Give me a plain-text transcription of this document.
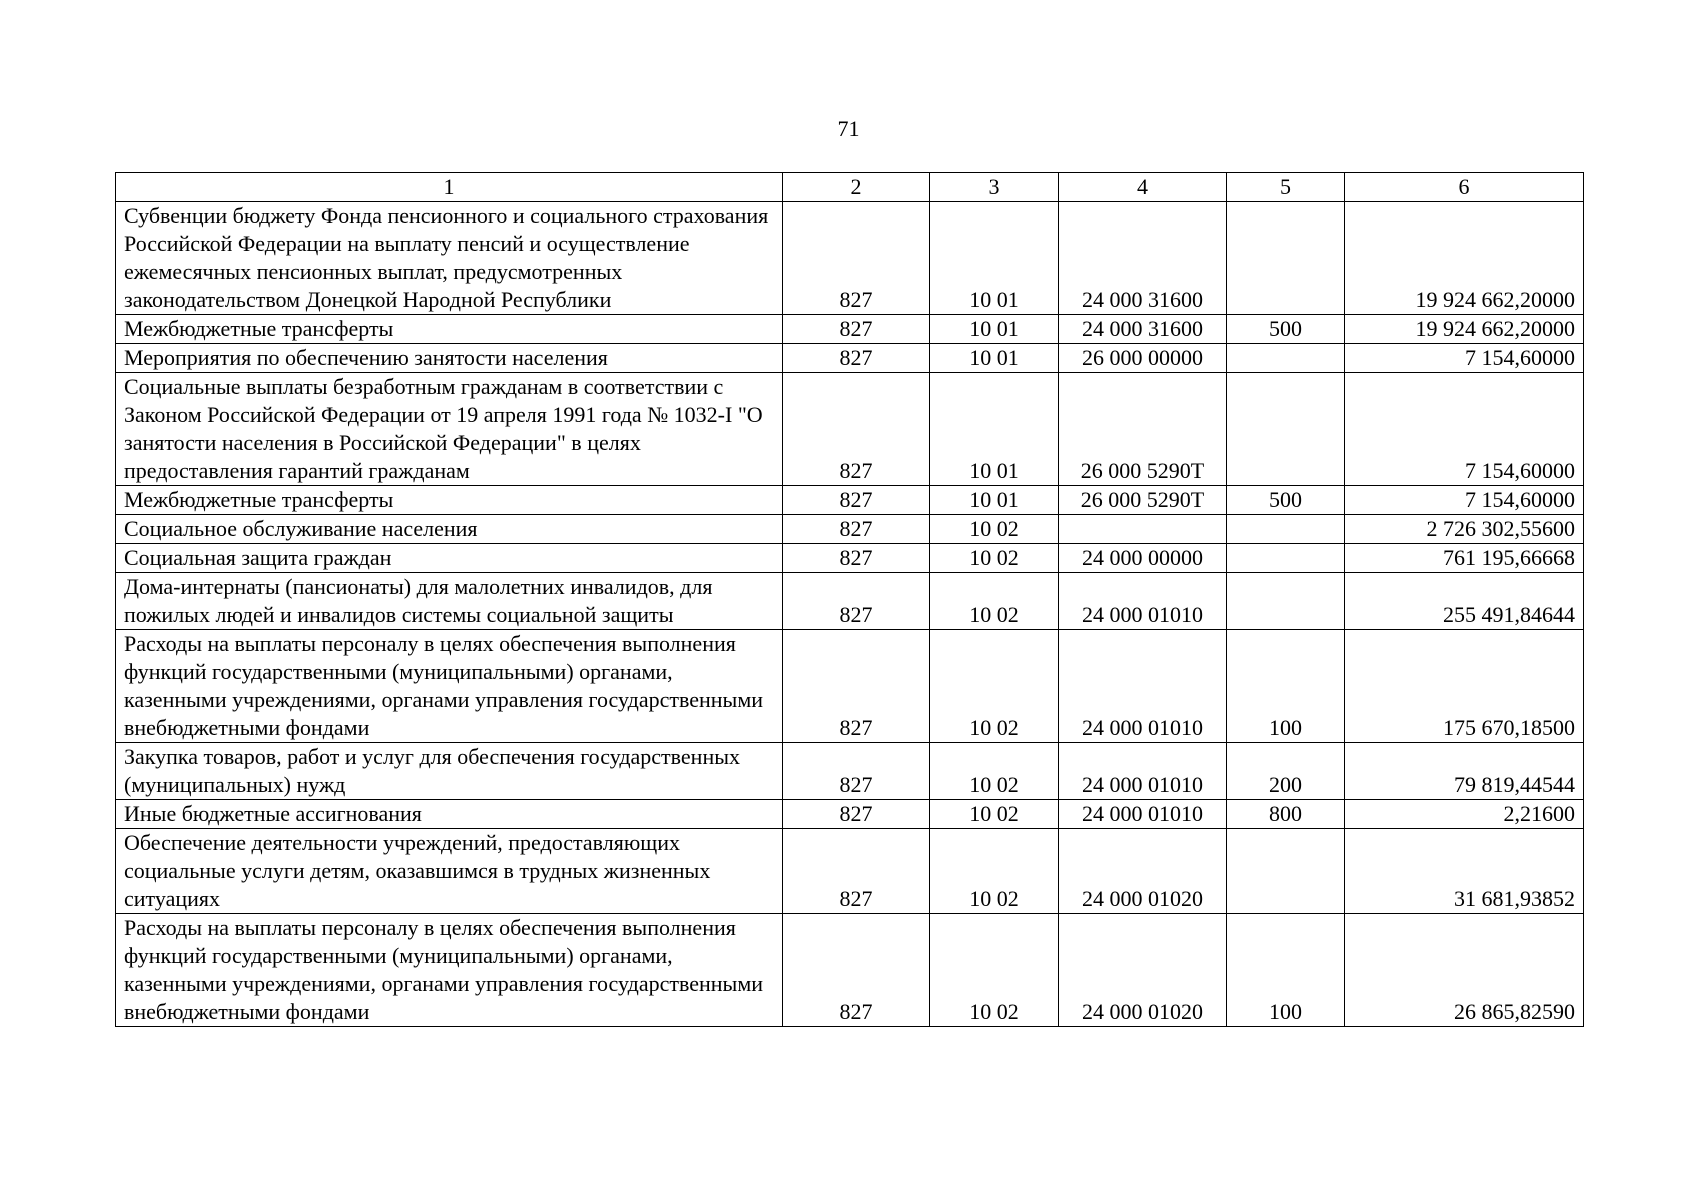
71
1	2	3	4	5	6
Субвенции бюджету Фонда пенсионного и социального страхования Российской Федерации на выплату пенсий и осуществление ежемесячных пенсионных выплат, предусмотренных законодательством Донецкой Народной Республики	827	10 01	24 000 31600		19 924 662,20000
Межбюджетные трансферты	827	10 01	24 000 31600	500	19 924 662,20000
Мероприятия по обеспечению занятости населения	827	10 01	26 000 00000		7 154,60000
Социальные выплаты безработным гражданам в соответствии с Законом Российской Федерации от 19 апреля 1991 года № 1032-I "О занятости населения в Российской Федерации" в целях предоставления гарантий гражданам	827	10 01	26 000 5290Т		7 154,60000
Межбюджетные трансферты	827	10 01	26 000 5290Т	500	7 154,60000
Социальное обслуживание населения	827	10 02			2 726 302,55600
Социальная защита граждан	827	10 02	24 000 00000		761 195,66668
Дома-интернаты (пансионаты) для малолетних инвалидов, для пожилых людей и инвалидов системы социальной защиты	827	10 02	24 000 01010		255 491,84644
Расходы на выплаты персоналу в целях обеспечения выполнения функций государственными (муниципальными) органами, казенными учреждениями, органами управления государственными внебюджетными фондами	827	10 02	24 000 01010	100	175 670,18500
Закупка товаров, работ и услуг для обеспечения государственных (муниципальных) нужд	827	10 02	24 000 01010	200	79 819,44544
Иные бюджетные ассигнования	827	10 02	24 000 01010	800	2,21600
Обеспечение деятельности учреждений, предоставляющих социальные услуги детям, оказавшимся в трудных жизненных ситуациях	827	10 02	24 000 01020		31 681,93852
Расходы на выплаты персоналу в целях обеспечения выполнения функций государственными (муниципальными) органами, казенными учреждениями, органами управления государственными внебюджетными фондами	827	10 02	24 000 01020	100	26 865,82590
